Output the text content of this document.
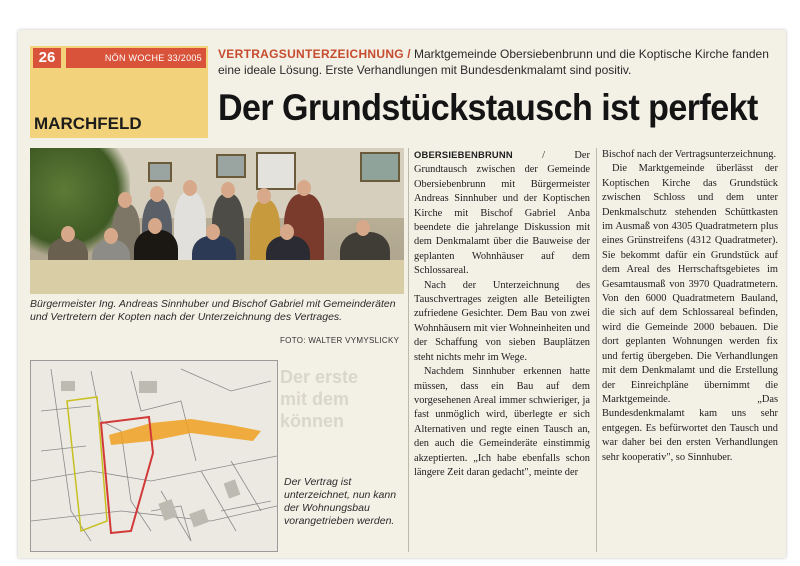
26	NÖN WOCHE 33/2005
MARCHFELD
VERTRAGSUNTERZEICHNUNG / Marktgemeinde Obersiebenbrunn und die Koptische Kirche fanden eine ideale Lösung. Erste Verhandlungen mit Bundesdenkmalamt sind positiv.
Der Grundstückstausch ist perfekt
Bürgermeister Ing. Andreas Sinnhuber und Bischof Gabriel mit Gemeinderäten und Vertretern der Kopten nach der Unterzeichnung des Vertrages.
FOTO: WALTER VYMYSLICKY
Der erste
mit dem
können
Der Vertrag ist unterzeichnet, nun kann der Wohnungsbau vorangetrieben werden.

OBERSIEBENBRUNN / Der Grundtausch zwischen der Gemeinde Obersiebenbrunn mit Bürgermeister Andreas Sinnhuber und der Koptischen Kirche mit Bischof Gabriel Anba beendete die jahrelange Diskussion mit dem Denkmalamt über die Bauweise der geplanten Wohnhäuser auf dem Schlossareal.

Nach der Unterzeichnung des Tauschvertrages zeigten alle Beteiligten zufriedene Gesichter. Dem Bau von zwei Wohnhäusern mit vier Wohneinheiten und der Schaffung von sieben Bauplätzen steht nichts mehr im Wege.

Nachdem Sinnhuber erkennen hatte müssen, dass ein Bau auf dem vorgesehenen Areal immer schwieriger, ja fast unmöglich wird, überlegte er sich Alternativen und regte einen Tausch an, den auch die Gemeinderäte einstimmig akzeptierten. „Ich habe ebenfalls schon längere Zeit daran gedacht", meinte der

Bischof nach der Vertragsunterzeichnung.

Die Marktgemeinde überlässt der Koptischen Kirche das Grundstück zwischen Schloss und dem unter Denkmalschutz stehenden Schüttkasten im Ausmaß von 4305 Quadratmetern plus eines Grünstreifens (4312 Quadratmeter). Sie bekommt dafür ein Grundstück auf dem Areal des Herrschaftsgebietes im Gesamtausmaß von 3970 Quadratmetern. Von den 6000 Quadratmetern Bauland, die sich auf dem Schlossareal befinden, wird die Gemeinde 2000 bebauen. Die dort geplanten Wohnungen werden fix und fertig übergeben. Die Verhandlungen mit dem Denkmalamt und die Erstellung der Einreichpläne übernimmt die Marktgemeinde. „Das Bundesdenkmalamt kam uns sehr entgegen. Es befürwortet den Tausch und war daher bei den ersten Verhandlungen sehr kooperativ", so Sinnhuber.
